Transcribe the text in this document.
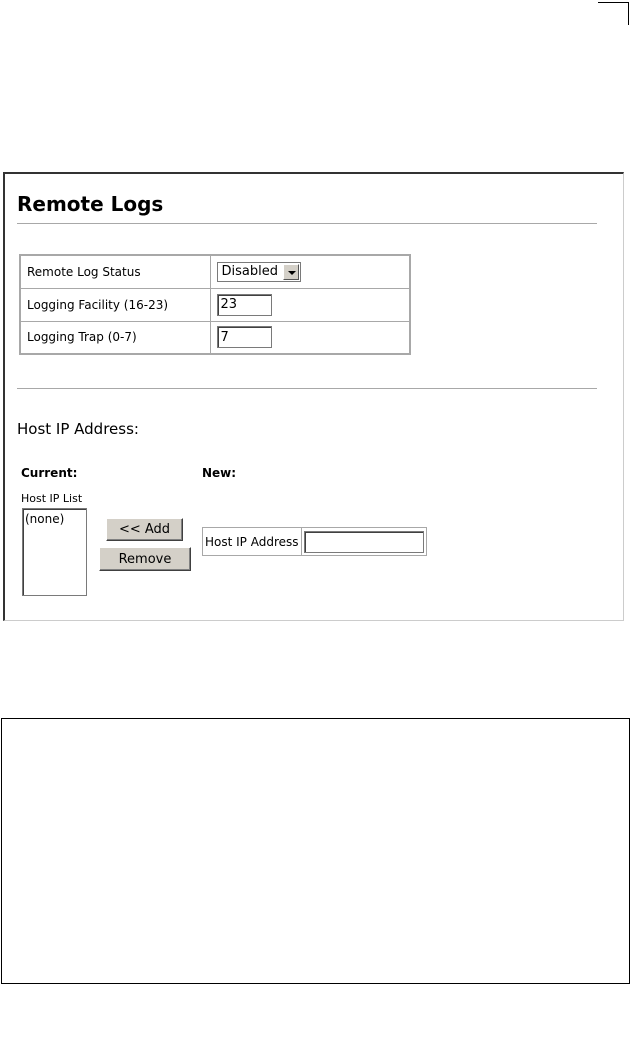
Remote Logs
Remote Log Status	Disabled

Logging Facility (16-23)	23
Logging Trap (0-7)	7
Host IP Address:
Current:	New:
Host IP List
(none)
<< Add
Remove
Host IP Address	
